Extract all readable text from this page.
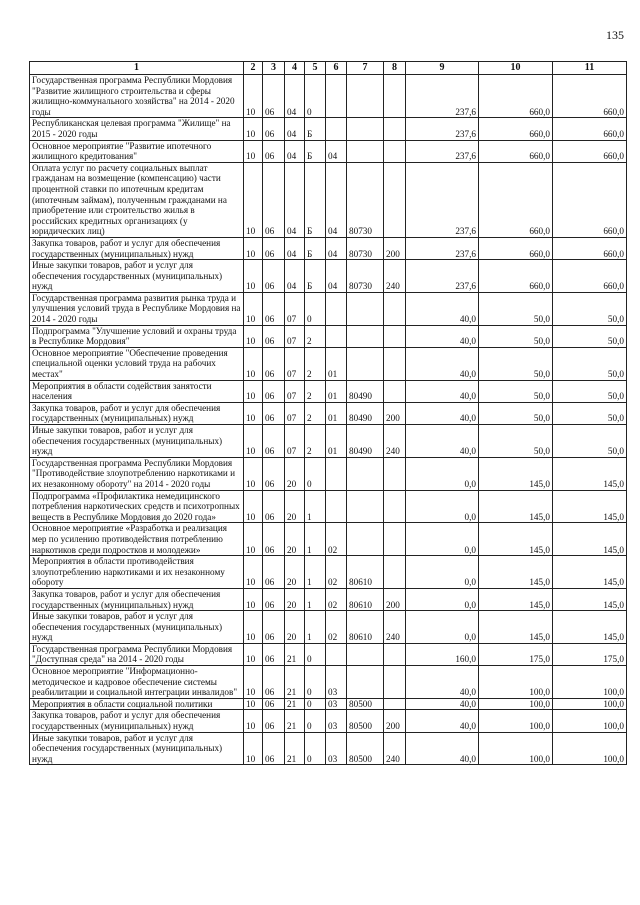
135
1	2	3	4	5	6	7	8	9	10	11
Государственная программа Республики Мордовия "Развитие жилищного строительства и сферы жилищно-коммунального хозяйства" на 2014 - 2020 годы	10	06	04	0				237,6	660,0	660,0
Республиканская целевая программа "Жилище" на 2015 - 2020 годы	10	06	04	Б				237,6	660,0	660,0
Основное мероприятие "Развитие ипотечного жилищного кредитования"	10	06	04	Б	04			237,6	660,0	660,0
Оплата услуг по расчету социальных выплат гражданам на возмещение (компенсацию) части процентной ставки по ипотечным кредитам (ипотечным займам), полученным гражданами на приобретение или строительство жилья в российских кредитных организациях (у юридических лиц)	10	06	04	Б	04	80730		237,6	660,0	660,0
Закупка товаров, работ и услуг для обеспечения государственных (муниципальных) нужд	10	06	04	Б	04	80730	200	237,6	660,0	660,0
Иные закупки товаров, работ и услуг для обеспечения государственных (муниципальных) нужд	10	06	04	Б	04	80730	240	237,6	660,0	660,0
Государственная программа развития рынка труда и улучшения условий труда в Республике Мордовия на 2014 - 2020 годы	10	06	07	0				40,0	50,0	50,0
Подпрограмма "Улучшение условий и охраны труда в Республике Мордовия"	10	06	07	2				40,0	50,0	50,0
Основное мероприятие "Обеспечение проведения специальной оценки условий труда на рабочих местах"	10	06	07	2	01			40,0	50,0	50,0
Мероприятия в области содействия занятости населения	10	06	07	2	01	80490		40,0	50,0	50,0
Закупка товаров, работ и услуг для обеспечения государственных (муниципальных) нужд	10	06	07	2	01	80490	200	40,0	50,0	50,0
Иные закупки товаров, работ и услуг для обеспечения государственных (муниципальных) нужд	10	06	07	2	01	80490	240	40,0	50,0	50,0
Государственная программа Республики Мордовия "Противодействие злоупотреблению наркотиками и их незаконному обороту" на 2014 - 2020 годы	10	06	20	0				0,0	145,0	145,0
Подпрограмма «Профилактика немедицинского потребления наркотических средств и психотропных веществ в Республике Мордовия до 2020 года»	10	06	20	1				0,0	145,0	145,0
Основное мероприятие «Разработка и реализация мер по усилению противодействия потреблению наркотиков среди подростков и молодежи»	10	06	20	1	02			0,0	145,0	145,0
Мероприятия в области противодействия злоупотреблению наркотиками и их незаконному обороту	10	06	20	1	02	80610		0,0	145,0	145,0
Закупка товаров, работ и услуг для обеспечения государственных (муниципальных) нужд	10	06	20	1	02	80610	200	0,0	145,0	145,0
Иные закупки товаров, работ и услуг для обеспечения государственных (муниципальных) нужд	10	06	20	1	02	80610	240	0,0	145,0	145,0
Государственная программа Республики Мордовия "Доступная среда" на 2014 - 2020 годы	10	06	21	0				160,0	175,0	175,0
Основное мероприятие "Информационно-методическое и кадровое обеспечение системы реабилитации и социальной интеграции инвалидов"	10	06	21	0	03			40,0	100,0	100,0
Мероприятия в области социальной политики	10	06	21	0	03	80500		40,0	100,0	100,0
Закупка товаров, работ и услуг для обеспечения государственных (муниципальных) нужд	10	06	21	0	03	80500	200	40,0	100,0	100,0
Иные закупки товаров, работ и услуг для обеспечения государственных (муниципальных) нужд	10	06	21	0	03	80500	240	40,0	100,0	100,0
